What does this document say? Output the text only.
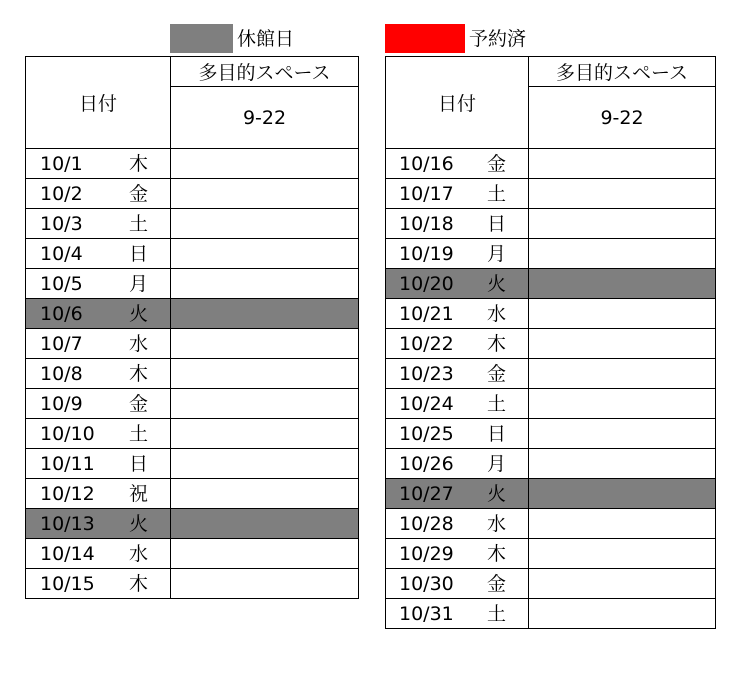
休館日	予約済
日付	多目的スペース
	9-22

10/1 木	

10/2 金	

10/3 土	

10/4 日	

10/5 月	

10/6 火	

10/7 水	

10/8 木	

10/9 金	

10/10 土	

10/11 日	

10/12 祝	

10/13 火	

10/14 水	

10/15 木	

日付	多目的スペース
	9-22

10/16 金	

10/17 土	

10/18 日	

10/19 月	

10/20 火	

10/21 水	

10/22 木	

10/23 金	

10/24 土	

10/25 日	

10/26 月	

10/27 火	

10/28 水	

10/29 木	

10/30 金	

10/31 土	
